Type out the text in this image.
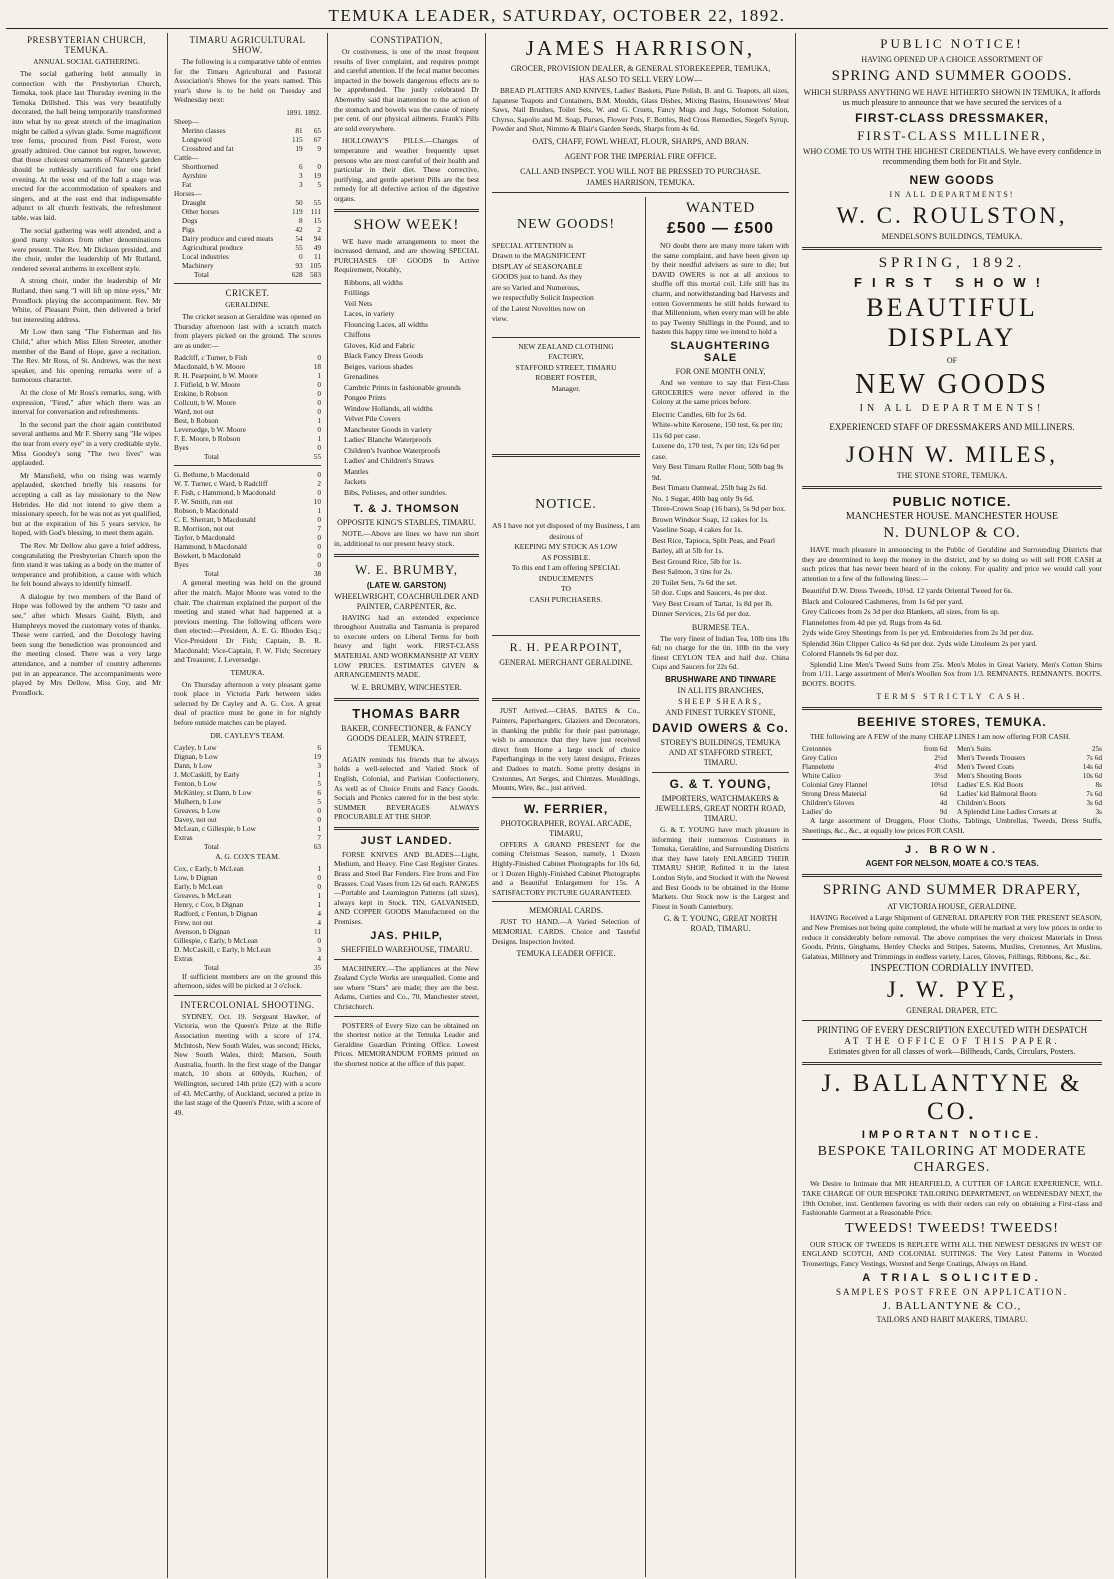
TEMUKA LEADER, SATURDAY, OCTOBER 22, 1892.
PRESBYTERIAN CHURCH, TEMUKA.
ANNUAL SOCIAL GATHERING.

The social gathering held annually in connection with the Presbyterian Church, Temuka, took place last Thursday evening in the Temuka Drillshed. This was very beautifully decorated, the hall being temporarily transformed into what by no great stretch of the imagination might be called a sylvan glade. Some magnificent tree ferns, procured from Peel Forest, were greatly admired. One cannot but regret, however, that those choicest ornaments of Nature's garden should be ruthlessly sacrificed for one brief evening. At the west end of the hall a stage was erected for the accommodation of speakers and singers, and at the east end that indispensable adjunct to all church festivals, the refreshment table, was laid.

The social gathering was well attended, and a good many visitors from other denominations were present. The Rev. Mr Dickson presided, and the choir, under the leadership of Mr Rutland, rendered several anthems in excellent style.

A strong choir, under the leadership of Mr Rutland, then sang "I will lift up mine eyes," Mr Proudlock playing the accompaniment. Rev. Mr White, of Pleasant Point, then delivered a brief but interesting address.

Mr Low then sang "The Fisherman and his Child," after which Miss Ellen Streeter, another member of the Band of Hope, gave a recitation. The Rev. Mr Ross, of St. Andrews, was the next speaker, and his opening remarks were of a humorous character.

At the close of Mr Ross's remarks, sung, with expression, "Fired," after which there was an interval for conversation and refreshments.

In the second part the choir again contributed several anthems and Mr F. Sherry sang "He wipes the tear from every eye" in a very creditable style. Miss Goodey's song "The two lives" was applauded.

Mr Mansfield, who on rising was warmly applauded, sketched briefly his reasons for accepting a call as lay missionary to the New Hebrides. He did not intend to give them a missionary speech, for he was not as yet qualified, but at the expiration of his 5 years service, he hoped, with God's blessing, to meet them again.

The Rev. Mr Dellow also gave a brief address, congratulating the Presbyterian Church upon the firm stand it was taking as a body on the matter of temperance and prohibition, a cause with which he felt bound always to identify himself.

A dialogue by two members of the Band of Hope was followed by the anthem "O taste and see," after which Messrs Guild, Blyth, and Humphreys moved the customary votes of thanks. These were carried, and the Doxology having been sung the benediction was pronounced and the meeting closed. There was a very large attendance, and a number of country adherents put in an appearance. The accompaniments were played by Mrs Dellow, Miss Guy, and Mr Proudlock.

TIMARU AGRICULTURAL SHOW.

The following is a comparative table of entries for the Timaru Agricultural and Pastoral Association's Shows for the years named. This year's show is to be held on Tuesday and Wednesday next:

	1891.	1892.
Sheep—		
Merino classes	81	65
Longwool	115	67
Crossbred and fat	19	9
Cattle—		
Shorthorned	6	0
Ayrshire	3	19
Fat	3	5
Horses—		
Draught	50	55
Other horses	119	111
Dogs	8	15
Pigs	42	2
Dairy produce and cured meats	54	94
Agricultural produce	55	49
Local industries	0	11
Machinery	93	105
Total	628	583
CRICKET.
GERALDINE.

The cricket season at Geraldine was opened on Thursday afternoon last with a scratch match from players picked on the ground. The scores are as under:—

Radcliff, c Turner, b Fish	0
Macdonald, b W. Moore	18
R. H. Pearpoint, b W. Moore	1
J. Fitfield, b W. Moore	0
Erskine, b Robson	0
Collcutt, b W. Moore	0
Ward, not out	0
Best, b Robson	1
Leversedge, b W. Moore	0
F. E. Moore, b Robson	1
Byes	0
Total	55
G. Bethune, b Macdonald	0
W. T. Turner, c Ward, b Radcliff	2
F. Fish, c Hammond, b Macdonald	0
F. W. Smith, run out	10
Robson, b Macdonald	1
C. E. Sherratt, b Macdonald	0
R. Morrison, not out	7
Taylor, b Macdonald	0
Hammond, b Macdonald	0
Bowkett, b Macdonald	0
Byes	0
Total	38

A general meeting was held on the ground after the match. Major Moore was voted to the chair. The chairman explained the purport of the meeting and stated what had happened at a previous meeting. The following officers were then elected:—President, A. E. G. Rhodes Esq.; Vice-President Dr Fish; Captain, B. R. Macdonald; Vice-Captain, F. W. Fish; Secretary and Treasurer, J. Leversedge.

TEMUKA.

On Thursday afternoon a very pleasant game took place in Victoria Park between sides selected by Dr Cayley and A. G. Cox. A great deal of practice must be gone in for nightly before outside matches can be played.

DR. CAYLEY'S TEAM.
Cayley, b Low	6
Dignan, b Low	19
Dann, b Low	3
J. McCaskill, by Early	1
Fenton, b Low	5
McKinley, st Dann, b Low	6
Mulhern, b Low	5
Greaves, b Low	0
Davey, not out	0
McLean, c Gillespie, b Low	1
Extras	7
Total	63
A. G. COX'S TEAM.
Cox, c Early, b McLean	1
Low, b Dignan	0
Early, b McLean	0
Greaves, b McLean	1
Henry, c Cox, b Dignan	1
Radford, c Fenton, b Dignan	4
Frew, not out	4
Avenson, b Dignan	11
Gillespie, c Early, b McLean	0
D. McCaskill, c Early, b McLean	3
Extras	4
Total	35

If sufficient members are on the ground this afternoon, sides will be picked at 3 o'clock.

INTERCOLONIAL SHOOTING.

SYDNEY, Oct. 19. Sergeant Hawker, of Victoria, won the Queen's Prize at the Rifle Association meeting with a score of 174. McIntosh, New South Wales, was second; Hicks, New South Wales, third; Marson, South Australia, fourth. In the first stage of the Dangar match, 10 shots at 600yds, Kuchen, of Wellington, secured 14th prize (£2) with a score of 43. McCarthy, of Auckland, secured a prize in the last stage of the Queen's Prize, with a score of 49.

CONSTIPATION,

Or costiveness, is one of the most frequent results of liver complaint, and requires prompt and careful attention. If the fecal matter becomes impacted in the bowels dangerous effects are to be apprehended. The justly celebrated Dr Abernethy said that inattention to the action of the stomach and bowels was the cause of ninety per cent. of our physical ailments. Frank's Pills are sold everywhere.

HOLLOWAY'S PILLS.—Changes of temperature and weather frequently upset persons who are most careful of their health and particular in their diet. These corrective, purifying, and gentle aperient Pills are the best remedy for all defective action of the digestive organs.

SHOW WEEK!

WE have made arrangements to meet the increased demand, and are showing SPECIAL PURCHASES OF GOODS In Active Requirement, Notably,

Ribbons, all widths
Frillings
Veil Nets
Laces, in variety
Flouncing Laces, all widths
Chiffons
Gloves, Kid and Fabric
Black Fancy Dress Goods
Beiges, various shades
Grenadines
Cambric Prints in fashionable grounds
Pongee Prints
Window Hollands, all widths
Velvet Pile Covers
Manchester Goods in variety
Ladies' Blanche Waterproofs
Children's Ivanhoe Waterproofs
Ladies' and Children's Straws
Mantles
Jackets
Bibs, Pelisses, and other sundries.
T. & J. THOMSON
OPPOSITE KING'S STABLES, TIMARU.

NOTE.—Above are lines we have run short in, additional to our present heavy stock.

W. E. BRUMBY,
(LATE W. GARSTON)
WHEELWRIGHT, COACHBUILDER AND PAINTER, CARPENTER, &c.

HAVING had an extended experience throughout Australia and Tasmania is prepared to execute orders on Liberal Terms for both heavy and light work. FIRST-CLASS MATERIAL AND WORKMANSHIP AT VERY LOW PRICES. ESTIMATES GIVEN & ARRANGEMENTS MADE.

W. E. BRUMBY, WINCHESTER.
THOMAS BARR
BAKER, CONFECTIONER, & FANCY GOODS DEALER, MAIN STREET, TEMUKA.

AGAIN reminds his friends that he always holds a well-selected and Varied Stock of English, Colonial, and Parisian Confectionery, As well as of Choice Fruits and Fancy Goods. Socials and Picnics catered for in the best style. SUMMER BEVERAGES ALWAYS PROCURABLE AT THE SHOP.

JUST LANDED.

FORSE KNIVES AND BLADES—Light, Medium, and Heavy. Fine Cast Register Grates. Brass and Steel Bar Fenders. Fire Irons and Fire Brasses. Coal Vases from 12s 6d each. RANGES—Portable and Leamington Patterns (all sizes), always kept in Stock. TIN, GALVANISED, AND COPPER GOODS Manufactured on the Premises.

JAS. PHILP,
SHEFFIELD WAREHOUSE, TIMARU.

MACHINERY.—The appliances at the New Zealand Cycle Works are unequalled. Come and see where "Stars" are made; they are the best. Adams, Curties and Co., 70, Manchester street, Christchurch.

POSTERS of Every Size can be obtained on the shortest notice at the Temuka Leader and Geraldine Guardian Printing Office. Lowest Prices. MEMORANDUM FORMS printed on the shortest notice at the office of this paper.

JAMES HARRISON,
GROCER, PROVISION DEALER, & GENERAL STOREKEEPER, TEMUKA,
HAS ALSO TO SELL VERY LOW—

BREAD PLATTERS AND KNIVES, Ladies' Baskets, Plate Polish, B. and G. Teapots, all sizes, Japanese Teapots and Containers, B.M. Moulds, Glass Dishes, Mixing Basins, Housewives' Meat Saws, Nail Brushes, Toilet Sets, W. and G. Cruets, Fancy Mugs and Jugs, Solomon Solution, Chyrso, Sapolio and M. Soap, Purses, Flower Pots, F. Bottles, Red Cross Remedies, Siegel's Syrup, Powder and Shot, Nimmo & Blair's Garden Seeds, Sharps from 4s 6d.

OATS, CHAFF, FOWL WHEAT, FLOUR, SHARPS, AND BRAN.
AGENT FOR THE IMPERIAL FIRE OFFICE.
CALL AND INSPECT. YOU WILL NOT BE PRESSED TO PURCHASE.
JAMES HARRISON, TEMUKA.
NEW GOODS!
SPECIAL ATTENTION is
Drawn to the MAGNIFICENT
DISPLAY of SEASONABLE
GOODS just to hand. As they
are so Varied and Numerous,
we respectfully Solicit Inspection
of the Latest Novelties now on
view.
NEW ZEALAND CLOTHING
FACTORY,
STAFFORD STREET, TIMARU
ROBERT FOSTER,
Manager.
NOTICE.
AS I have not yet disposed of my Business, I am desirous of
KEEPING MY STOCK AS LOW
AS POSSIBLE.
To this end I am offering SPECIAL
INDUCEMENTS
TO
CASH PURCHASERS.
R. H. PEARPOINT,
GENERAL MERCHANT GERALDINE.

JUST Arrived.—CHAS. BATES & Co., Painters, Paperhangers, Glaziers and Decorators, in thanking the public for their past patronage, wish to announce that they have just received direct from Home a large stock of choice Paperhangings in the very latest designs, Friezes and Dadoes to match. Some pretty designs in Cretonnes, Art Serges, and Chintzes. Mouldings, Mounts, Wire, &c., just arrived.

W. FERRIER,
PHOTOGRAPHER, ROYAL ARCADE, TIMARU,

OFFERS A GRAND PRESENT for the coming Christmas Season, namely, 1 Dozen Highly-Finished Cabinet Photographs for 10s 6d, or 1 Dozen Highly-Finished Cabinet Photographs and a Beautiful Enlargement for 15s. A SATISFACTORY PICTURE GUARANTEED.

MEMORIAL CARDS.

JUST TO HAND.—A Varied Selection of MEMORIAL CARDS. Choice and Tasteful Designs. Inspection Invited.

TEMUKA LEADER OFFICE.
WANTED
£500 — £500

NO doubt there are many more taken with the same complaint, and have been given up by their needful advisers as sure to die; but DAVID OWERS is not at all anxious to shuffle off this mortal coil. Life still has its charm, and notwithstanding bad Harvests and rotten Governments he still holds forward to that Millennium, when every man will be able to pay Twenty Shillings in the Pound, and to hasten this happy time we intend to hold a

SLAUGHTERING SALE
FOR ONE MONTH ONLY,

And we venture to say that First-Class GROCERIES were never offered in the Colony at the same prices before.

Electric Candles, 6lb for 2s 6d.
White-white Kerosene, 150 test, 6s per tin; 11s 6d per case.
Luxene do, 170 test, 7s per tin; 12s 6d per case.
Very Best Timaru Roller Flour, 50lb bag 9s 9d.
Best Timaru Oatmeal, 25lb bag 2s 6d.
No. 1 Sugar, 40lb bag only 9s 6d.
Three-Crown Soap (16 bars), 5s 9d per box.
Brown Windsor Soap, 12 cakes for 1s.
Vaseline Soap, 4 cakes for 1s.
Best Rice, Tapioca, Split Peas, and Pearl Barley, all at 5lb for 1s.
Best Ground Rice, 5lb for 1s.
Best Salmon, 3 tins for 2s.
20 Toilet Sets, 7s 6d the set.
50 doz. Cups and Saucers, 4s per doz.
Very Best Cream of Tartar, 1s 8d per lb.
Dinner Services, 21s 6d per doz.
BURMESE TEA.

The very finest of Indian Tea, 10lb tins 18s 6d; no charge for the tin. 10lb tin the very finest CEYLON TEA and half doz. China Cups and Saucers for 22s 6d.

BRUSHWARE AND TINWARE
IN ALL ITS BRANCHES,
SHEEP SHEARS,
AND FINEST TURKEY STONE,
DAVID OWERS & Co.
STOREY'S BUILDINGS, TEMUKA AND AT STAFFORD STREET, TIMARU.
G. & T. YOUNG,
IMPORTERS, WATCHMAKERS & JEWELLERS, GREAT NORTH ROAD, TIMARU.

G. & T. YOUNG have much pleasure in informing their numerous Customers in Temuka, Geraldine, and Surrounding Districts that they have lately ENLARGED THEIR TIMARU SHOP, Refitted it in the latest London Style, and Stocked it with the Newest and Best Goods to be obtained in the Home Markets. Our Stock now is the Largest and Finest in South Canterbury.

G. & T. YOUNG, GREAT NORTH ROAD, TIMARU.
PUBLIC NOTICE!
HAVING OPENED UP A CHOICE ASSORTMENT OF
SPRING AND SUMMER GOODS.
WHICH SURPASS ANYTHING WE HAVE HITHERTO SHOWN IN TEMUKA, It affords us much pleasure to announce that we have secured the services of a
FIRST-CLASS DRESSMAKER,
FIRST-CLASS MILLINER,
WHO COME TO US WITH THE HIGHEST CREDENTIALS. We have every confidence in recommending them both for Fit and Style.
NEW GOODS
IN ALL DEPARTMENTS!
W. C. ROULSTON,
MENDELSON'S BUILDINGS, TEMUKA.
SPRING, 1892.
FIRST SHOW!
BEAUTIFUL DISPLAY
OF
NEW GOODS
IN ALL DEPARTMENTS!
EXPERIENCED STAFF OF DRESSMAKERS AND MILLINERS.
JOHN W. MILES,
THE STONE STORE, TEMUKA.
PUBLIC NOTICE.
MANCHESTER HOUSE. MANCHESTER HOUSE
N. DUNLOP & CO.

HAVE much pleasure in announcing to the Public of Geraldine and Surrounding Districts that they are determined to keep the money in the district, and by so doing so will sell FOR CASH at such prices that has never been heard of in the colony. For quality and price we would call your attention to a few of the following lines:—

Beautiful D.W. Dress Tweeds, 10½d. 12 yards Oriental Tweed for 6s.
Black and Coloured Cashmeres, from 1s 6d per yard.
Grey Calicoes from 2s 3d per doz Blankets, all sizes, from 6s up.
Flannelettes from 4d per yd. Rugs from 4s 6d.
2yds wide Grey Sheetings from 1s per yd. Embroideries from 2s 3d per doz.
Splendid 36in Clipper Calico 4s 6d per doz. 2yds wide Linoleum 2s per yard.
Colored Flannels 9s 6d per doz.

Splendid Line Men's Tweed Suits from 25s. Men's Moles in Great Variety. Men's Cotton Shirts from 1/11. Large assortment of Men's Woollen Sox from 1/3. REMNANTS. REMNANTS. BOOTS. BOOTS. BOOTS.

TERMS STRICTLY CASH.
BEEHIVE STORES, TEMUKA.

THE following are A FEW of the many CHEAP LINES I am now offering FOR CASH.

Cretonnes	from 6d
Grey Calico	2½d
Flannelette	4½d
White Calico	3½d
Colonial Grey Flannel	10½d
Strong Dress Material	6d
Children's Gloves	4d
Ladies' do	9d
Men's Suits	25s
Men's Tweeds Trousers	7s 6d
Men's Tweed Coats	14s 6d
Men's Shooting Boots	10s 6d
Ladies' E.S. Kid Boots	8s
Ladies' kid Balmoral Boots	7s 6d
Children's Boots	3s 6d
A Splendid Line Ladies Corsets at	3s

A large assortment of Druggets, Floor Cloths, Tablings, Umbrellas, Tweeds, Dress Stuffs, Sheetings, &c., &c., at equally low prices FOR CASH.

J. BROWN.
AGENT FOR NELSON, MOATE & CO.'S TEAS.
SPRING AND SUMMER DRAPERY,
AT VICTORIA HOUSE, GERALDINE.

HAVING Received a Large Shipment of GENERAL DRAPERY FOR THE PRESENT SEASON, and New Premises not being quite completed, the whole will be marked at very low prices in order to reduce it considerably before removal. The above comprises the very choicest Materials in Dress Goods, Prints, Ginghams, Henley Checks and Stripes, Sateens, Muslins, Cretonnes, Art Muslins, Galateas, Millinery and Trimmings in endless variety, Laces, Gloves, Frillings, Ribbons, &c., &c.

INSPECTION CORDIALLY INVITED.
J. W. PYE,
GENERAL DRAPER, ETC.
PRINTING OF EVERY DESCRIPTION EXECUTED WITH DESPATCH
AT THE OFFICE OF THIS PAPER.
Estimates given for all classes of work—Billheads, Cards, Circulars, Posters.
J. BALLANTYNE & CO.
IMPORTANT NOTICE.
BESPOKE TAILORING AT MODERATE CHARGES.

We Desire to Intimate that MR HEARFIELD, A CUTTER OF LARGE EXPERIENCE, WILL TAKE CHARGE OF OUR BESPOKE TAILORING DEPARTMENT, on WEDNESDAY NEXT, the 19th October, inst. Gentlemen favoring us with their orders can rely on obtaining a First-class and Fashionable Garment at a Reasonable Price.

TWEEDS! TWEEDS! TWEEDS!

OUR STOCK OF TWEEDS IS REPLETE WITH ALL THE NEWEST DESIGNS IN WEST OF ENGLAND SCOTCH, AND COLONIAL SUITINGS. The Very Latest Patterns in Worsted Trouserings, Fancy Vestings, Worsted and Serge Coatings, Always on Hand.

A TRIAL SOLICITED.
SAMPLES POST FREE ON APPLICATION.
J. BALLANTYNE & CO.,
TAILORS AND HABIT MAKERS, TIMARU.
